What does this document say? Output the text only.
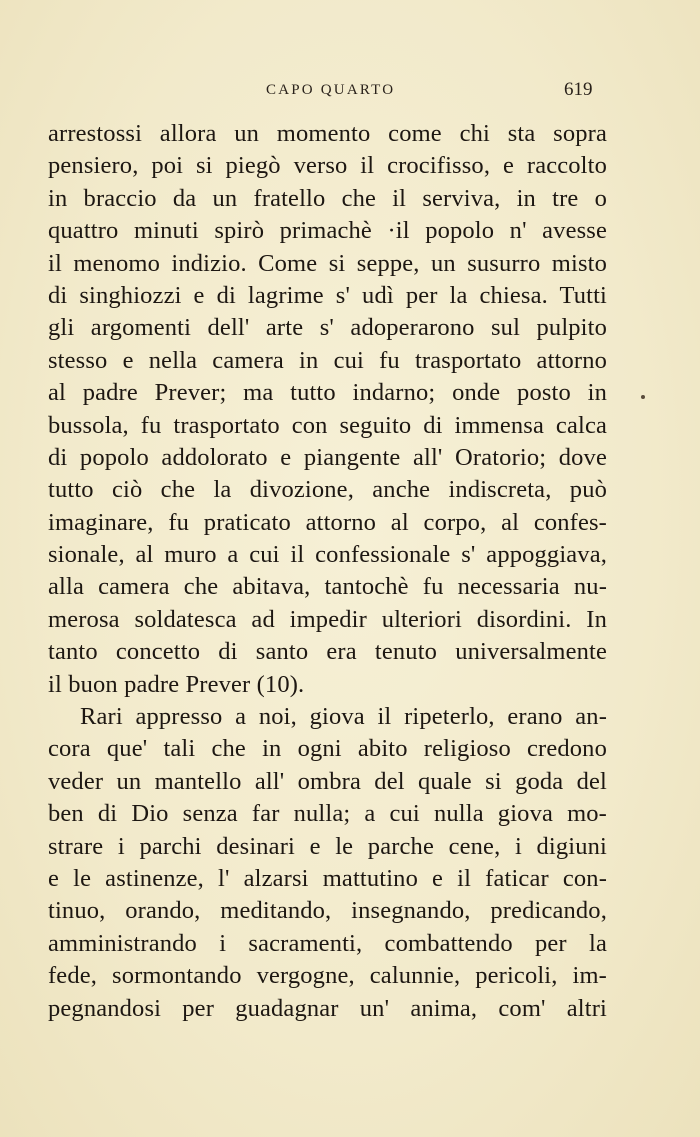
CAPO QUARTO	619
arrestossi allora un momento come chi sta sopra
pensiero, poi si piegò verso il crocifisso, e raccolto
in braccio da un fratello che il serviva, in tre o
quattro minuti spirò primachè ·il popolo n' avesse
il menomo indizio. Come si seppe, un susurro misto
di singhiozzi e di lagrime s' udì per la chiesa. Tutti
gli argomenti dell' arte s' adoperarono sul pulpito
stesso e nella camera in cui fu trasportato attorno
al padre Prever; ma tutto indarno; onde posto in
bussola, fu trasportato con seguito di immensa calca
di popolo addolorato e piangente all' Oratorio; dove
tutto ciò che la divozione, anche indiscreta, può
imaginare, fu praticato attorno al corpo, al confes-
sionale, al muro a cui il confessionale s' appoggiava,
alla camera che abitava, tantochè fu necessaria nu-
merosa soldatesca ad impedir ulteriori disordini. In
tanto concetto di santo era tenuto universalmente
il buon padre Prever (10).
Rari appresso a noi, giova il ripeterlo, erano an-
cora que' tali che in ogni abito religioso credono
veder un mantello all' ombra del quale si goda del
ben di Dio senza far nulla; a cui nulla giova mo-
strare i parchi desinari e le parche cene, i digiuni
e le astinenze, l' alzarsi mattutino e il faticar con-
tinuo, orando, meditando, insegnando, predicando,
amministrando i sacramenti, combattendo per la
fede, sormontando vergogne, calunnie, pericoli, im-
pegnandosi per guadagnar un' anima, com' altri
